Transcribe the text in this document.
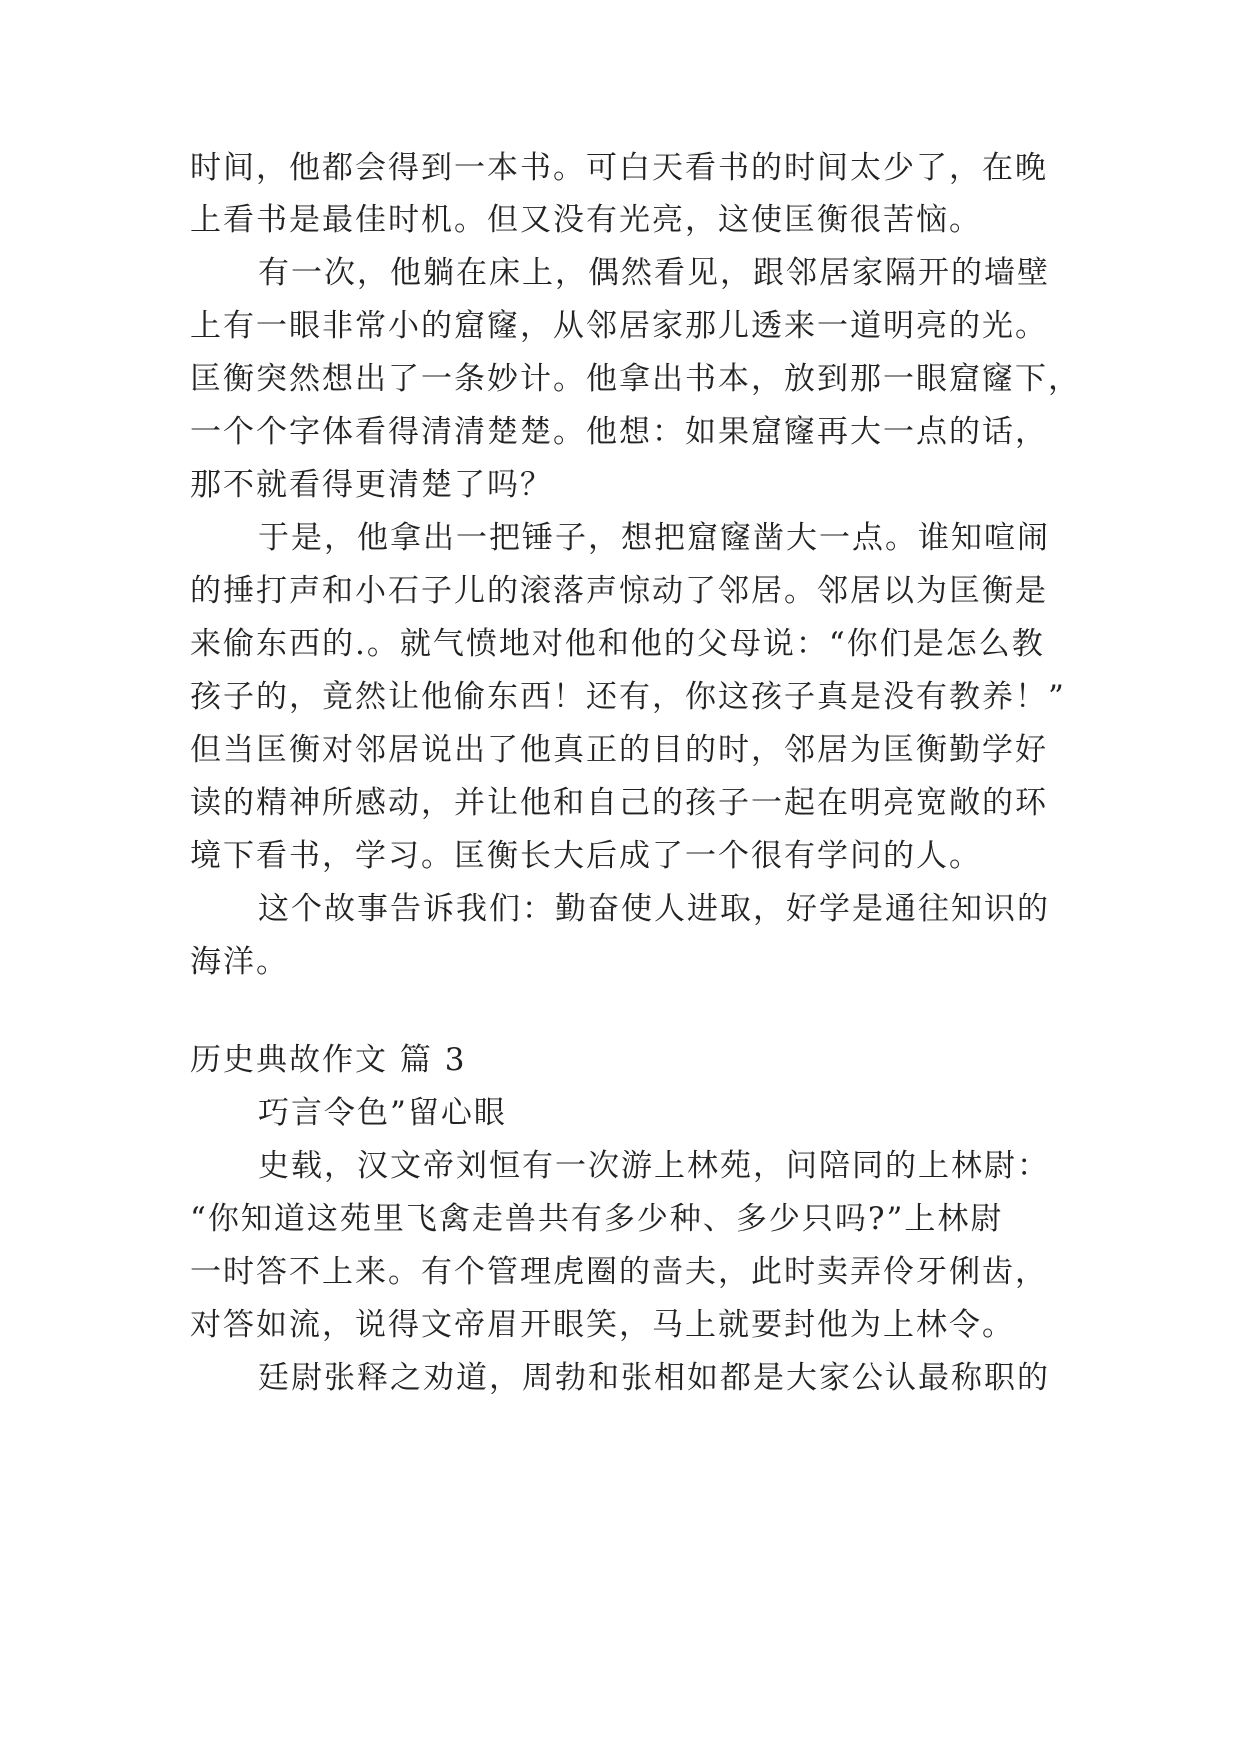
时间，他都会得到一本书。可白天看书的时间太少了，在晚
上看书是最佳时机。但又没有光亮，这使匡衡很苦恼。
有一次，他躺在床上，偶然看见，跟邻居家隔开的墙壁
上有一眼非常小的窟窿，从邻居家那儿透来一道明亮的光。
匡衡突然想出了一条妙计。他拿出书本，放到那一眼窟窿下，
一个个字体看得清清楚楚。他想：如果窟窿再大一点的话，
那不就看得更清楚了吗？
于是，他拿出一把锤子，想把窟窿凿大一点。谁知喧闹
的捶打声和小石子儿的滚落声惊动了邻居。邻居以为匡衡是
来偷东西的.。就气愤地对他和他的父母说：“你们是怎么教
孩子的，竟然让他偷东西！还有，你这孩子真是没有教养！”
但当匡衡对邻居说出了他真正的目的时，邻居为匡衡勤学好
读的精神所感动，并让他和自己的孩子一起在明亮宽敞的环
境下看书，学习。匡衡长大后成了一个很有学问的人。
这个故事告诉我们：勤奋使人进取，好学是通往知识的
海洋。
历史典故作文 篇 3
巧言令色”留心眼
史载，汉文帝刘恒有一次游上林苑，问陪同的上林尉：
“你知道这苑里飞禽走兽共有多少种、多少只吗?”上林尉
一时答不上来。有个管理虎圈的啬夫，此时卖弄伶牙俐齿，
对答如流，说得文帝眉开眼笑，马上就要封他为上林令。
廷尉张释之劝道，周勃和张相如都是大家公认最称职的
